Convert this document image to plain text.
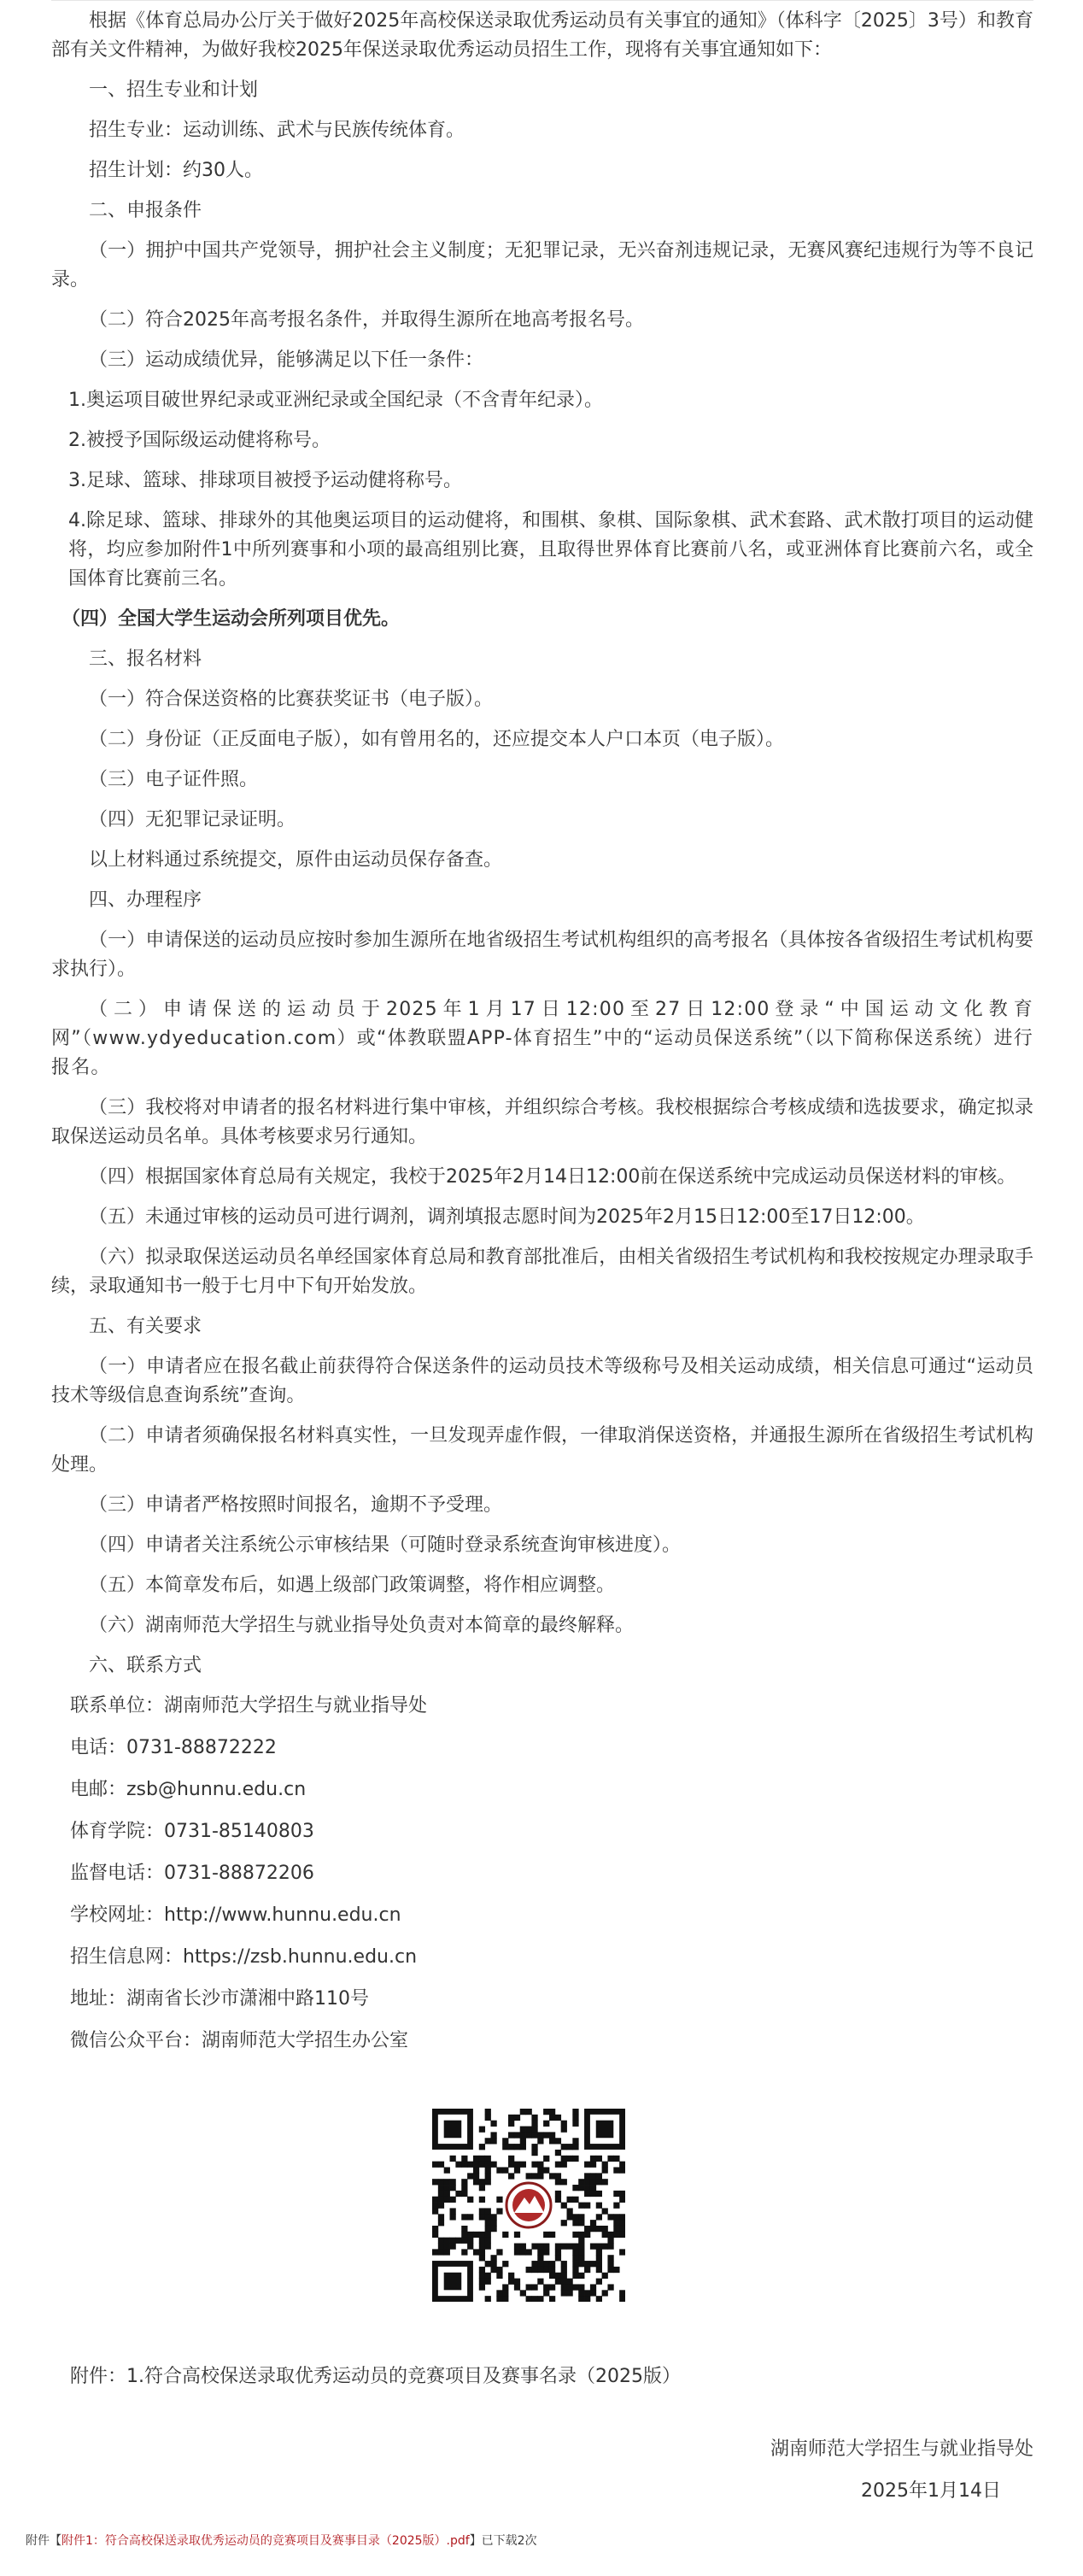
根据《体育总局办公厅关于做好2025年高校保送录取优秀运动员有关事宜的通知》（体科字〔2025〕3号）和教育部有关文件精神，为做好我校2025年保送录取优秀运动员招生工作，现将有关事宜通知如下：

一、招生专业和计划

招生专业：运动训练、武术与民族传统体育。

招生计划：约30人。

二、申报条件

（一）拥护中国共产党领导，拥护社会主义制度；无犯罪记录，无兴奋剂违规记录，无赛风赛纪违规行为等不良记录。

（二）符合2025年高考报名条件，并取得生源所在地高考报名号。

（三）运动成绩优异，能够满足以下任一条件：

1.奥运项目破世界纪录或亚洲纪录或全国纪录（不含青年纪录）。

2.被授予国际级运动健将称号。

3.足球、篮球、排球项目被授予运动健将称号。

4.除足球、篮球、排球外的其他奥运项目的运动健将，和围棋、象棋、国际象棋、武术套路、武术散打项目的运动健将，均应参加附件1中所列赛事和小项的最高组别比赛，且取得世界体育比赛前八名，或亚洲体育比赛前六名，或全国体育比赛前三名。

（四）全国大学生运动会所列项目优先。

三、报名材料

（一）符合保送资格的比赛获奖证书（电子版）。

（二）身份证（正反面电子版），如有曾用名的，还应提交本人户口本页（电子版）。

（三）电子证件照。

（四）无犯罪记录证明。

以上材料通过系统提交，原件由运动员保存备查。

四、办理程序

（一）申请保送的运动员应按时参加生源所在地省级招生考试机构组织的高考报名（具体按各省级招生考试机构要求执行）。

（二）申请保送的运动员于2025年1月17日12:00至27日12:00登录“中国运动文化教育网”（www.ydyeducation.com）或“体教联盟APP-体育招生”中的“运动员保送系统”（以下简称保送系统）进行报名。

（三）我校将对申请者的报名材料进行集中审核，并组织综合考核。我校根据综合考核成绩和选拔要求，确定拟录取保送运动员名单。具体考核要求另行通知。

（四）根据国家体育总局有关规定，我校于2025年2月14日12:00前在保送系统中完成运动员保送材料的审核。

（五）未通过审核的运动员可进行调剂，调剂填报志愿时间为2025年2月15日12:00至17日12:00。

（六）拟录取保送运动员名单经国家体育总局和教育部批准后，由相关省级招生考试机构和我校按规定办理录取手续，录取通知书一般于七月中下旬开始发放。

五、有关要求

（一）申请者应在报名截止前获得符合保送条件的运动员技术等级称号及相关运动成绩，相关信息可通过“运动员技术等级信息查询系统”查询。

（二）申请者须确保报名材料真实性，一旦发现弄虚作假，一律取消保送资格，并通报生源所在省级招生考试机构处理。

（三）申请者严格按照时间报名，逾期不予受理。

（四）申请者关注系统公示审核结果（可随时登录系统查询审核进度）。

（五）本简章发布后，如遇上级部门政策调整，将作相应调整。

（六）湖南师范大学招生与就业指导处负责对本简章的最终解释。

六、联系方式

联系单位：湖南师范大学招生与就业指导处

电话：0731-88872222

电邮：zsb@hunnu.edu.cn

体育学院：0731-85140803

监督电话：0731-88872206

学校网址：http://www.hunnu.edu.cn

招生信息网：https://zsb.hunnu.edu.cn

地址：湖南省长沙市潇湘中路110号

微信公众平台：湖南师范大学招生办公室

附件：1.符合高校保送录取优秀运动员的竞赛项目及赛事名录（2025版）
湖南师范大学招生与就业指导处
2025年1月14日
附件【附件1：符合高校保送录取优秀运动员的竞赛项目及赛事目录（2025版）.pdf】已下载2次
